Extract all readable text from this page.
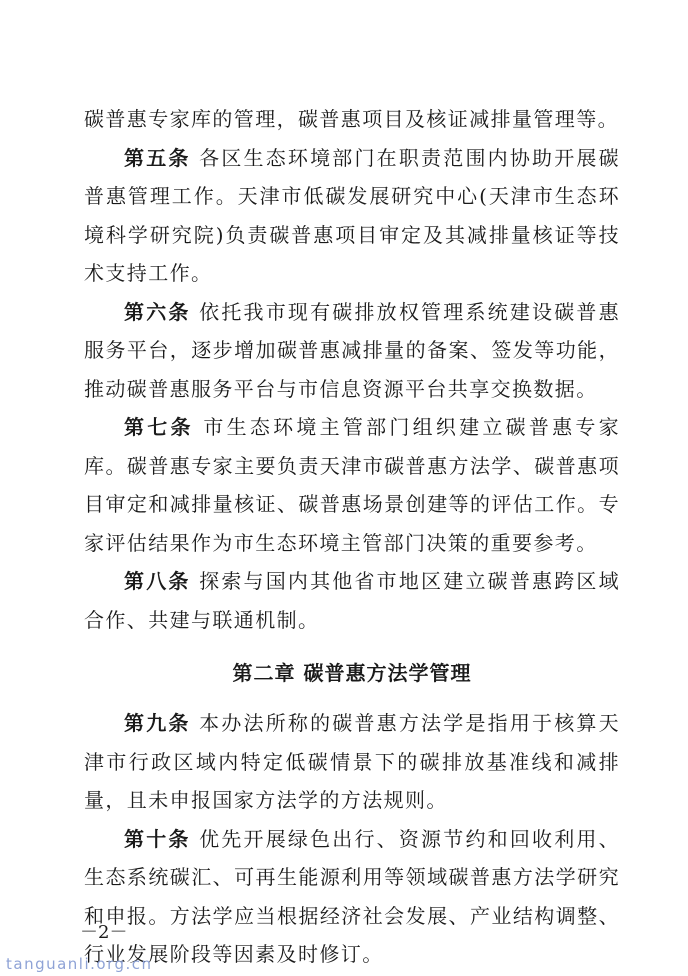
碳普惠专家库的管理，碳普惠项目及核证减排量管理等。

第五条 各区生态环境部门在职责范围内协助开展碳普惠管理工作。天津市低碳发展研究中心(天津市生态环境科学研究院)负责碳普惠项目审定及其减排量核证等技术支持工作。

第六条 依托我市现有碳排放权管理系统建设碳普惠服务平台，逐步增加碳普惠减排量的备案、签发等功能，推动碳普惠服务平台与市信息资源平台共享交换数据。

第七条 市生态环境主管部门组织建立碳普惠专家库。碳普惠专家主要负责天津市碳普惠方法学、碳普惠项目审定和减排量核证、碳普惠场景创建等的评估工作。专家评估结果作为市生态环境主管部门决策的重要参考。

第八条 探索与国内其他省市地区建立碳普惠跨区域合作、共建与联通机制。

第二章 碳普惠方法学管理

第九条 本办法所称的碳普惠方法学是指用于核算天津市行政区域内特定低碳情景下的碳排放基准线和减排量，且未申报国家方法学的方法规则。

第十条 优先开展绿色出行、资源节约和回收利用、生态系统碳汇、可再生能源利用等领域碳普惠方法学研究和申报。方法学应当根据经济社会发展、产业结构调整、行业发展阶段等因素及时修订。

－2－
tanguanli.org.cn
